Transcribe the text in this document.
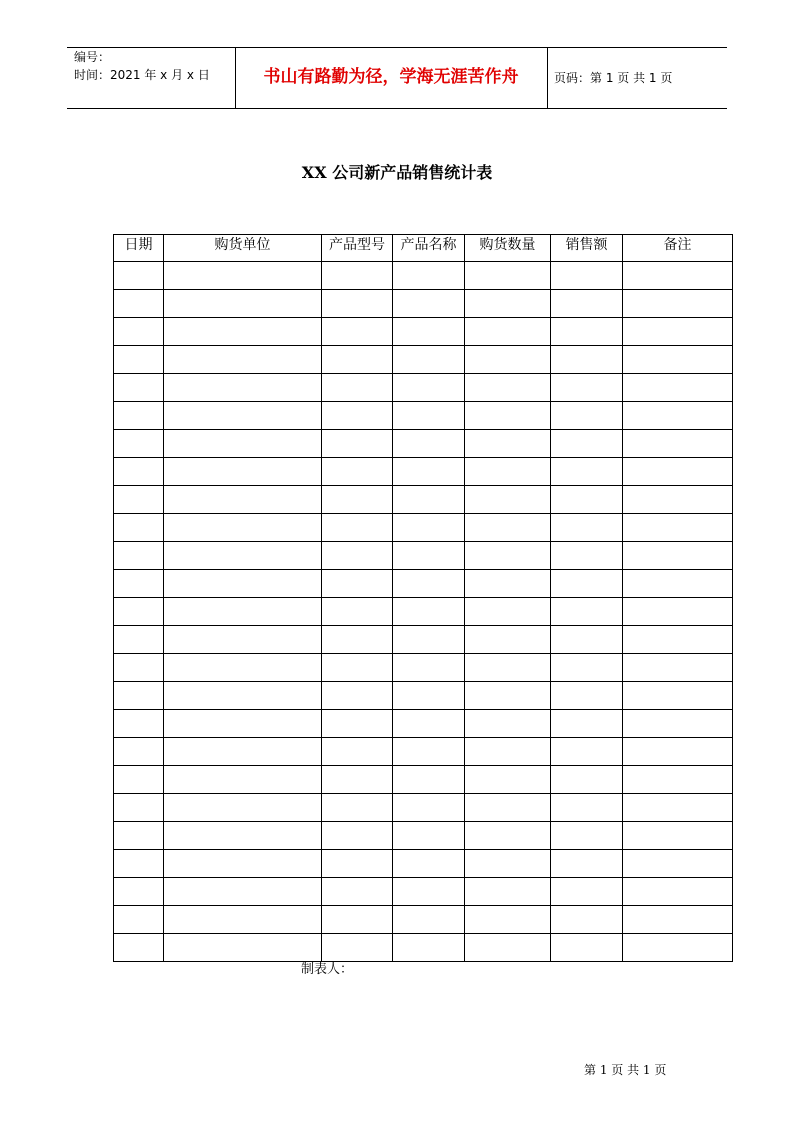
编号：
时间：2021 年 x 月 x 日	书山有路勤为径，学海无涯苦作舟	页码：第 1 页 共 1 页
XX 公司新产品销售统计表
日期	购货单位	产品型号	产品名称	购货数量	销售额	备注

制表人：
第 1 页 共 1 页
